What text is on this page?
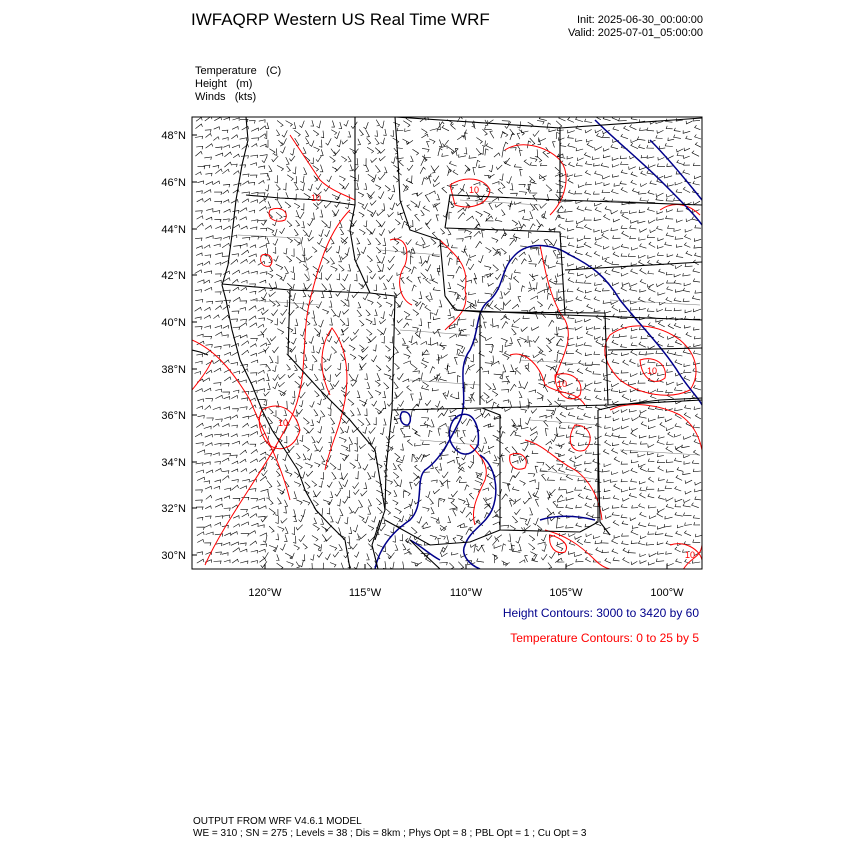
IWFAQRP Western US Real Time WRF	Init: 2025-06-30_00:00:00
Valid: 2025-07-01_05:00:00
Temperature (C)
Height (m)
Winds (kts)
48°N
46°N
44°N
42°N
40°N
38°N
36°N
34°N
32°N
30°N
120°W	115°W	110°W	105°W	100°W
10
10
10
10
10
10
Height Contours: 3000 to 3420 by 60
Temperature Contours: 0 to 25 by 5
OUTPUT FROM WRF V4.6.1 MODEL
WE = 310 ; SN = 275 ; Levels = 38 ; Dis = 8km ; Phys Opt = 8 ; PBL Opt = 1 ; Cu Opt = 3
